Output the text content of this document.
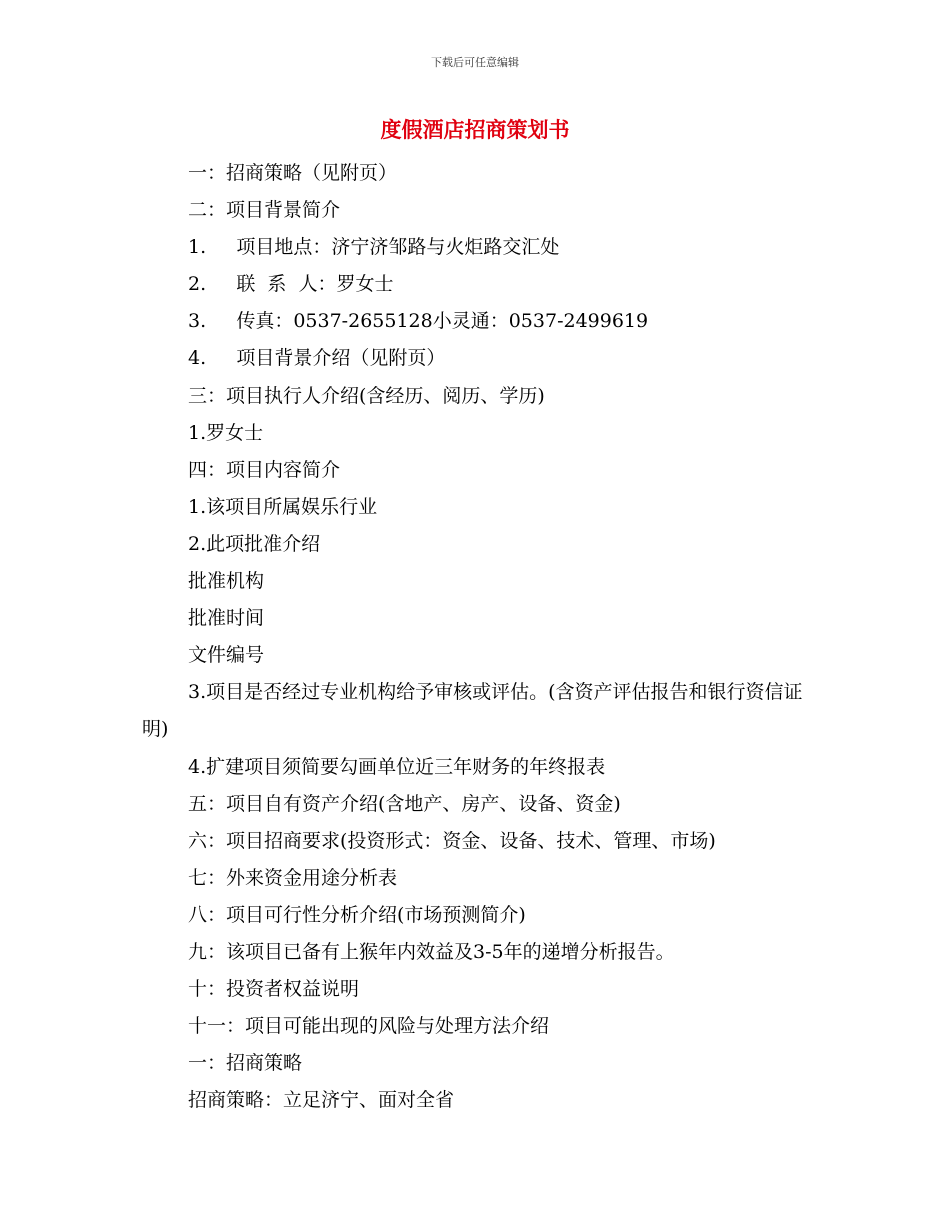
下载后可任意编辑
度假酒店招商策划书
一：招商策略（见附页）
二：项目背景简介
1.     项目地点：济宁济邹路与火炬路交汇处
2.     联  系  人：罗女士
3.     传真：0537-2655128小灵通：0537-2499619
4.     项目背景介绍（见附页）
三：项目执行人介绍(含经历、阅历、学历)
1.罗女士
四：项目内容简介
1.该项目所属娱乐行业
2.此项批准介绍
批准机构
批准时间
文件编号
3.项目是否经过专业机构给予审核或评估。(含资产评估报告和银行资信证明)
4.扩建项目须简要勾画单位近三年财务的年终报表
五：项目自有资产介绍(含地产、房产、设备、资金)
六：项目招商要求(投资形式：资金、设备、技术、管理、市场)
七：外来资金用途分析表
八：项目可行性分析介绍(市场预测简介)
九：该项目已备有上猴年内效益及3-5年的递增分析报告。
十：投资者权益说明
十一：项目可能出现的风险与处理方法介绍
一：招商策略
招商策略：立足济宁、面对全省
